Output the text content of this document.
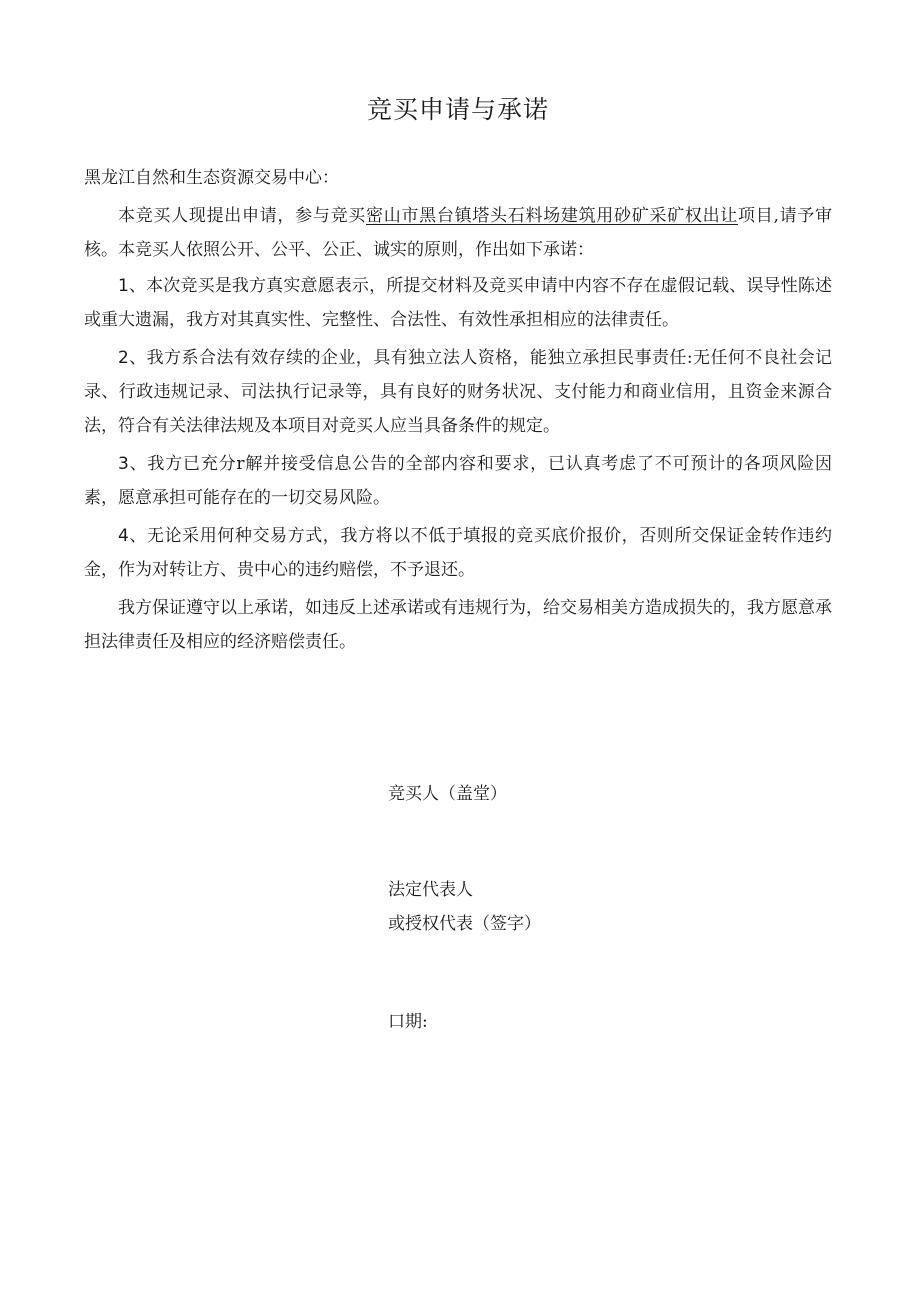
竞买申请与承诺
黑龙江自然和生态资源交易中心：

本竞买人现提出申请，参与竞买密山市黑台镇塔头石料场建筑用砂矿采矿权出让项目,请予审核。本竞买人依照公开、公平、公正、诚实的原则，作出如下承诺：

1、本次竞买是我方真实意愿表示，所提交材料及竞买申请中内容不存在虚假记载、误导性陈述或重大遗漏，我方对其真实性、完整性、合法性、有效性承担相应的法律责任。

2、我方系合法有效存续的企业，具有独立法人资格，能独立承担民事责任:无任何不良社会记录、行政违规记录、司法执行记录等，具有良好的财务状况、支付能力和商业信用，且资金来源合法，符合有关法律法规及本项目对竞买人应当具备条件的规定。

3、我方已充分r解并接受信息公告的全部内容和要求，已认真考虑了不可预计的各项风险因素，愿意承担可能存在的一切交易风险。

4、无论采用何种交易方式，我方将以不低于填报的竞买底价报价，否则所交保证金转作违约金，作为对转让方、贵中心的违约赔偿，不予退还。

我方保证遵守以上承诺，如违反上述承诺或有违规行为，给交易相美方造成损失的，我方愿意承担法律责任及相应的经济赔偿责任。

竞买人（盖堂）
法定代表人
或授权代表（签字）
口期:
